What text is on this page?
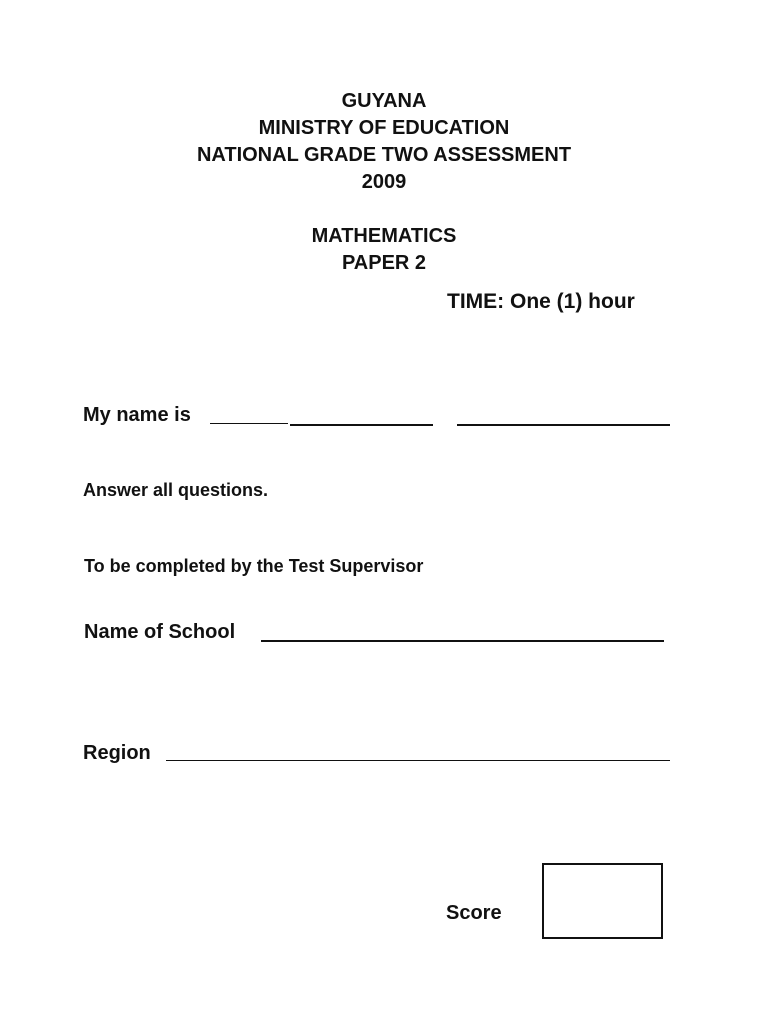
GUYANA
MINISTRY OF EDUCATION
NATIONAL GRADE TWO ASSESSMENT
2009
MATHEMATICS
PAPER 2
TIME: One (1) hour
My name is
Answer all questions.
To be completed by the Test Supervisor
Name of School
Region
Score
